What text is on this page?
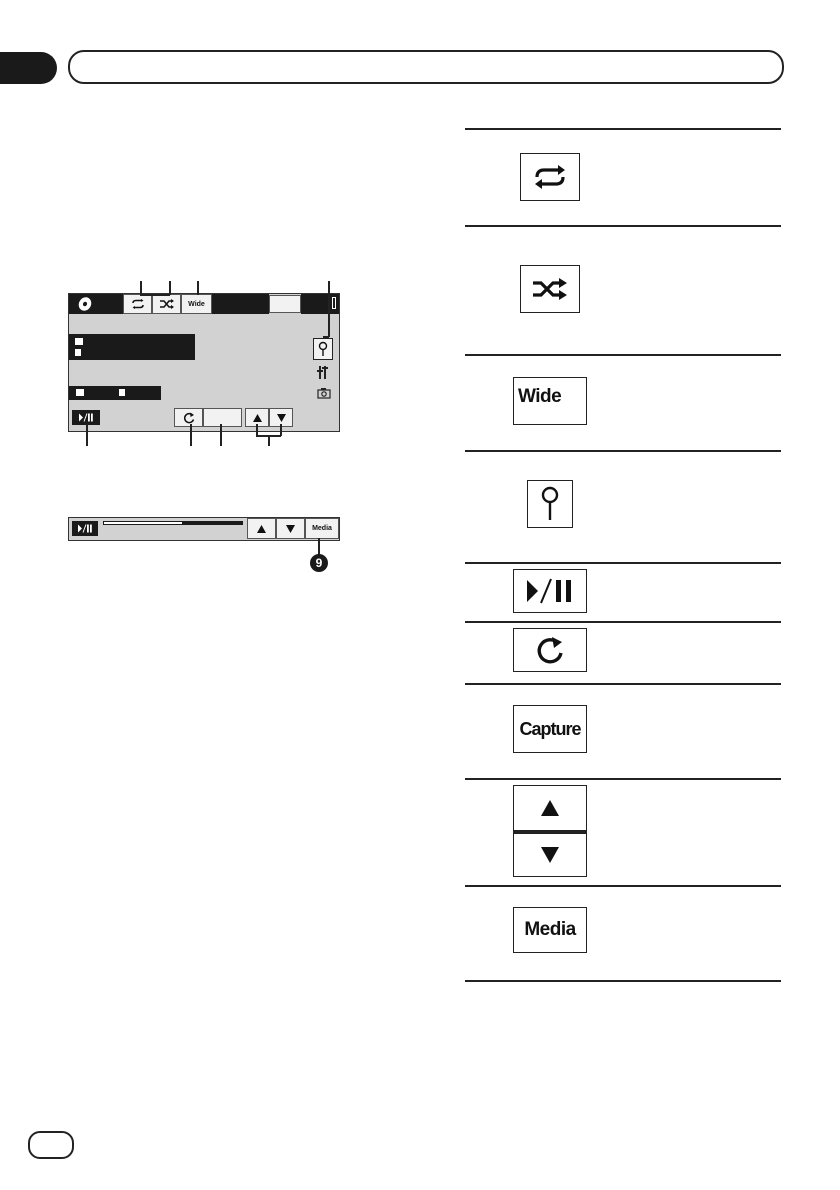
Wide
Media
9
Wide
Capture
Media
